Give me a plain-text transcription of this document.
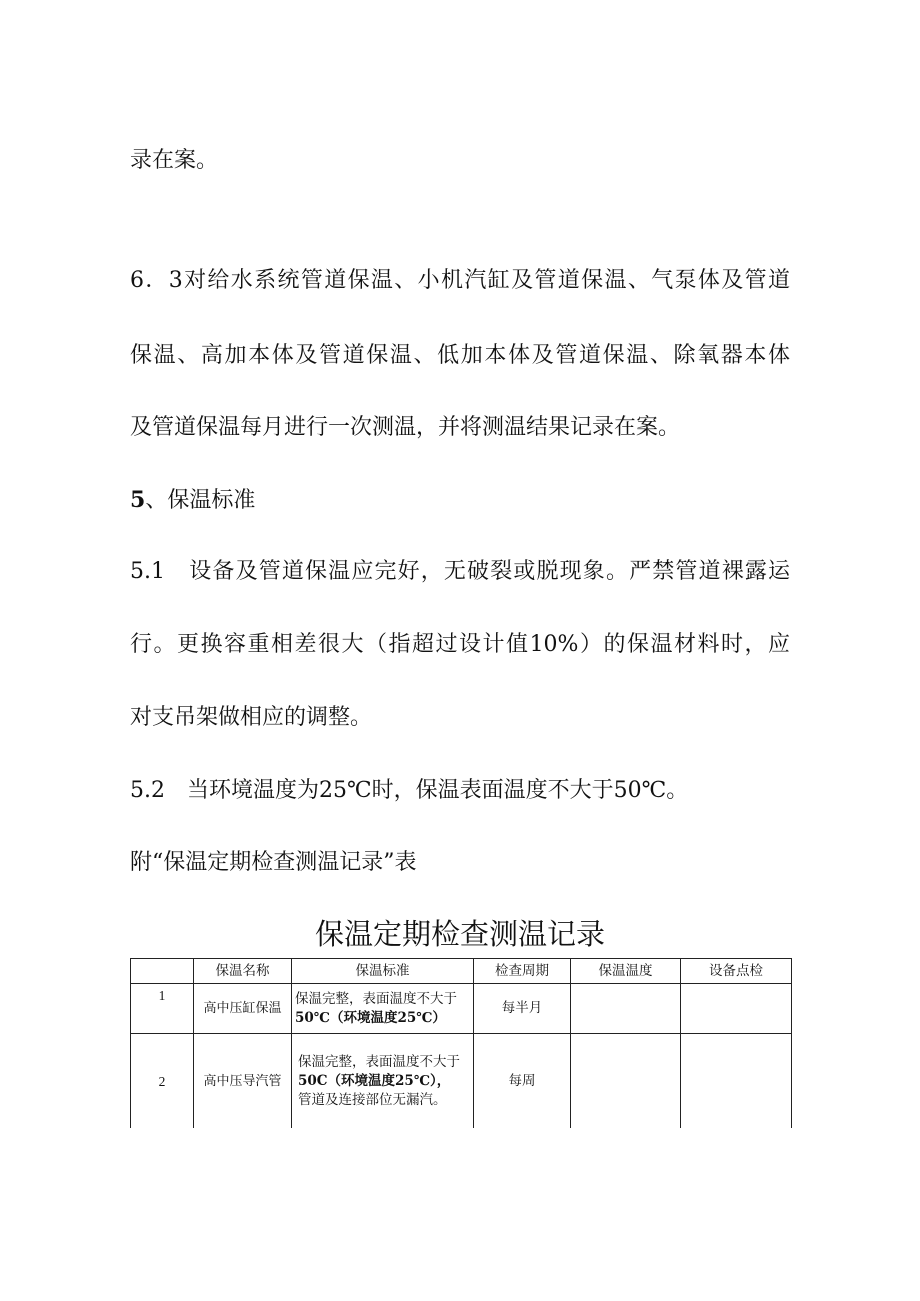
录在案。

6．3对给水系统管道保温、小机汽缸及管道保温、气泵体及管道

保温、高加本体及管道保温、低加本体及管道保温、除氧器本体

及管道保温每月进行一次测温，并将测温结果记录在案。

5、保温标准

5.1　设备及管道保温应完好，无破裂或脱现象。严禁管道裸露运

行。更换容重相差很大（指超过设计值10%）的保温材料时，应

对支吊架做相应的调整。

5.2　当环境温度为25℃时，保温表面温度不大于50℃。

附“保温定期检查测温记录”表

保温定期检查测温记录
	保温名称	保温标准	检查周期	保温温度	设备点检
1	高中压缸保温	保温完整，表面温度不大于
50℃（环境温度25℃）	每半月		
2	高中压导汽管	保温完整，表面温度不大于
50C（环境温度25℃），
管道及连接部位无漏汽。	每周		
